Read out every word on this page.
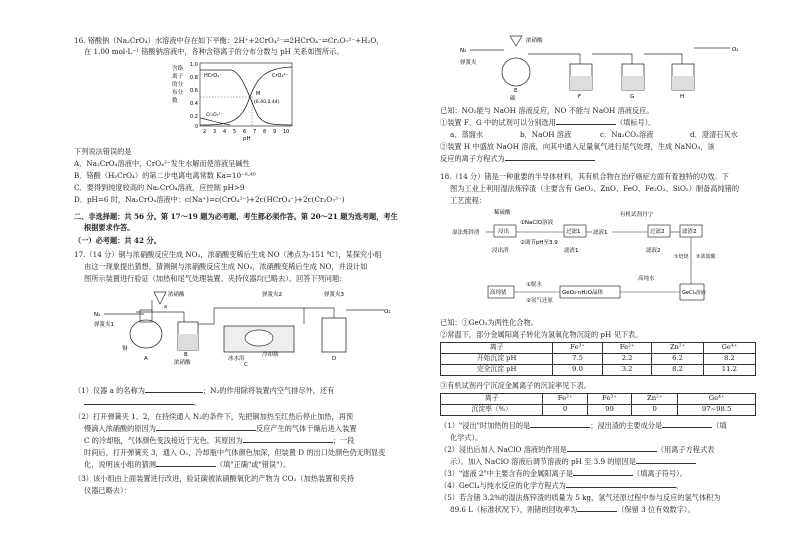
16. 铬酸钠（Na₂CrO₄）水溶液中存在如下平衡：2H⁺+2CrO₄²⁻⇌2HCrO₄⁻⇌Cr₂O₇²⁻+H₂O，
在 1.00 mol·L⁻¹ 铬酸钠溶液中，各种含铬离子的分布分数与 pH 关系如图所示。
含铬
离子
的分
布分
数
1.0
0.8
0.6
0.4
0.2
0
2 3 4 5 6 7 8 9 10
pH
HCrO₄⁻	CrO₄²⁻
Cr₂O₇²⁻
M
(6.40,0.44)
下列说法错误的是
A．Na₂CrO₄溶液中，CrO₄²⁻发生水解而使溶液呈碱性
B．铬酸（H₂CrO₄）的第二步电离电离常数 Ka=10⁻⁶·⁴⁰
C．要得到纯度较高的 Na₂CrO₄溶液，应控制 pH>9
D．pH=6 时，Na₂CrO₄溶液中：c(Na⁺)=c(CrO₄²⁻)+2c(HCrO₄⁻)+2c(Cr₂O₇²⁻)
二、非选择题：共 56 分。第 17～19 题为必考题，考生都必须作答。第 20～21 题为选考题，考生
根据要求作答。
（一）必考题：共 42 分。
17.（14 分）铜与浓硝酸反应生成 NO₂，浓硝酸变稀后生成 NO（沸点为-151 ℃），某探究小组
由这一现象提出猜想，猜测铜与浓硝酸反应生成 NO₂，浓硝酸变稀后生成 NO，并设计如
图所示装置进行验证（加热和尾气处理装置、夹持仪器均已略去）。回答下列问题：
N₂
弹簧夹1
浓硝酸
a
铜
A
B
浓硝酸
冰水浴
冷却瓶
C
弹簧夹2	弹簧夹3
O₂
D
（1）仪器 a 的名称为	；N₂的作用除将装置内空气排尽外，还有
。
（2）打开弹簧夹 1、2，在持续通入 N₂的条件下，先把铜加热至红热后停止加热，再预
慢滴入浓硝酸的原因为	反应产生的气体干燥后进入装置
C 的冷却瓶，气体颜色变浅接近于无色，其原因为	；一段
时间后，打开弹簧夹 3，通入 O₂，冷却瓶中气体颜色加深，但装置 D 的出口处颜色仍无明显变
化，说明该小组的猜测	（填"正确"或"错误"）。
（3）该小组由上面装置进行改进，验证碳被浓硝酸氧化的产物为 CO₂（加热装置和夹持
仪器已略去）：
浓硝酸
N₂
弹簧夹
碳
E
F	G	H
O₂
已知：NO₂能与 NaOH 溶液反应，NO 不能与 NaOH 溶液反应。
①装置 F、G 中的试剂可以分别选用	（填标号）。
a．蒸馏水	b．NaOH 溶液	c．Na₂CO₃溶液	d．澄清石灰水
②装置 H 中盛放 NaOH 溶液，向其中通入足量氧气进行尾气处理，生成 NaNO₃，该
反应的离子方程式为
18.（14 分）锗是一种重要的半导体材料，其有机合物在治疗癌症方面有着独特的功效。下
图为工业上利用湿法炼锌渣（主要含有 GeO₂、ZnO、FeO、Fe₂O₃、SiO₂）制备高纯锗的
工艺流程：
湿法炼锌渣
稀硫酸
浸出
浸出渣
①NaClO溶液
②调节pH至3.9
过滤1
滤渣1
滤液1
有机试剂丹宁
过滤2
滤液2
滤渣2
①焙烧 ②浓盐酸
GeCl₄溶液
高纯水
GeO₂·nH₂O晶体
①脱水
②氢气还原
高纯锗
已知：①GeO₂为两性化合物。
②常温下，部分金属阳离子转化为氢氧化物沉淀的 pH 见下表。
离子	Fe³⁺	Fe²⁺	Zn²⁺	Ge⁴⁺
开始沉淀 pH	7.5	2.2	6.2	8.2
完全沉淀 pH	9.0	3.2	8.2	11.2
③有机试剂丹宁沉淀金属离子的沉淀率见下表。
离子	Fe²⁺	Fe³⁺	Zn²⁺	Ge⁴⁺
沉淀率（%）	0	99	0	97~98.5
（1）"浸出"时加热的目的是	；浸出渣的主要成分是	（填
化学式）。
（2）浸出后加入 NaClO 溶液的作用是	（用离子方程式表
示）。加入 NaClO 溶液后调节溶液的 pH 至 3.9 的原因是
（3）"滤液 2"中主要含有的金属阳离子是	（填离子符号）。
（4）GeCl₄与纯水反应的化学方程式为	。
（5）若含锗 3.2%的湿法炼锌渣的质量为 5 kg，氢气还原过程中参与反应的氢气体积为
89.6 L（标准状况下），则锗的回收率为	（保留 3 位有效数字）。
